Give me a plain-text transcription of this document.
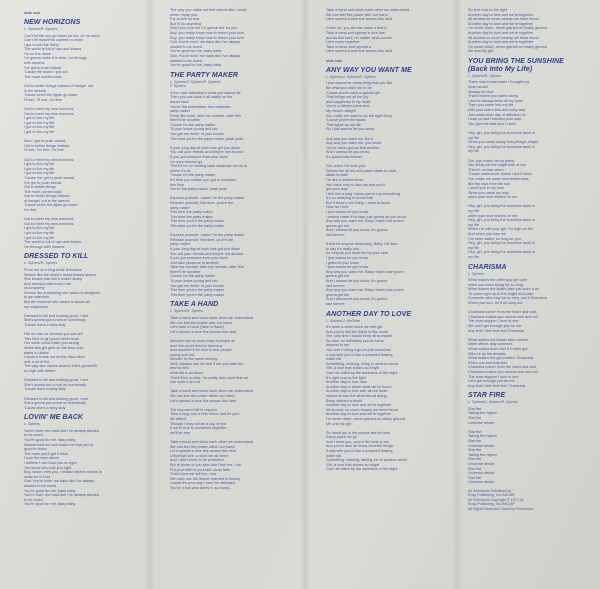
side one
NEW HORIZONS
L. Sylvers/R. Sylvers
Can't let the sun go down on me, oh no more
Can't let myself be wanted no more
I got to join the living
The world is full of ups and downs
I'm on the move
I'm gonna make it in time, I'm through
with dreams
I've got to push ahead
'Cause the doors I put out
The more comes back

Got to better things instead of hangin' out
in the streets
'Cause when the lights go down
I'll see, I'll see, I'm free

Got to meet my new horizons
Got to meet my new horizons
I got to live my life
I got to live my life
I got to live my life
I got to live my life

Now I got to push ahead
Old to better things instead
I'll see, I'm free, I'm free

Got to meet my new horizons
I got to live my life
I got to live my life
I got to live my life
'Cause I've got to push ahead
I've got to push ahead
Old to better things
The more comes back
Got to better things instead
of hangin' out in the streets
'Cause when the lights go down
I'm free

Got to meet my new horizons
Got to meet my new horizons
I got to live my life
I got to live my life
I got to live my life
The world is full of ups and downs
I'm through with dreams
DRESSED TO KILL
L. Sylvers/R. Sylvers
From out of a long white limousine
Seems like the world's finest beauty queen
She knows that she's lookin' sharp
And dressed with every trait
of a mystery
Seems like everything she wears is designed
to get attention
But the essence she wears is above all
my suspicions

Dressed to kill and looking good, I see
She's gonna put a hurt on somebody
'Cause she's a sexy lady

Her en was so obvious you can tell
This kind of girl you'd never trust
Her smile could make you wrong
When this girl gets on the floor and
starts to dance
Cause a break out on the disco floor
with a lot of fire
The way she moves around she's gonna fill
so high with desire

Dressed to kill and looking good, I see
She's gonna put a hurt on somebody
'Cause she's a sexy lady

Dressed to kill and looking good, I see
She's gonna put a hurt on somebody
'Cause she's a sexy lady
LOVIN' ME BACK
L. Sylvers
You're lovin' me back like I've always wanted
to be loved
You're good for me, baby baby
Wanna hold me and make me that you're
good to know
The more you'll get it back
I love the best above
I believe I can trust you so right
You know who told you right
Boy, since I met you, I realize what it means to
really be in love
Ooh-You're lovin' me back like I've always
wanted to be loved
You're good for me, baby baby
You're lovin' me back like I've always wanted
to be loved
You're good for me, baby baby
The way you make me feel seems like I could
never repay you
For a love so true
But I'll do anything
Don't you love me I'm gonna live for you
Boy, you really know how to return your love
Boy, you really know how to return your love
Ooh-You're lovin' me back like I've always
wanted to be loved
You're good for me, baby baby
Ooh-You're lovin' me back like I've always
wanted to be loved
You're good for me, baby baby
THE PARTY MAKER
L. Sylvers/J. Sylvers/R. Sylvers/
F. Sylvers
If the main attraction's what you wanna be
Then you can have it all easily on the
dance floor
You're the entertainer, true hardcore
party maker
Party like none, take my number, after this
there'll be another
'Cause I'm the party maker
To your leave young and old
You got me feelin' in your bones
This time you're the party maker, yeah yeah

If your long day at work has got you down
You call your friends and they're not around
If you got pressure from your lover
Let your tension go
There'll be no holding back whatever we do is
where it's at
'Cause I'm the party maker
It's time you realize you got to socialize,
this time
You're the party maker, yeah yeah

Express yourself, 'cause I'm the party maker
Release yourself, this time, you're the
party maker
This time the party maker
This time the party maker
This time you're the party maker
This time you're the party maker

Express yourself, 'cause I'm the party maker
Release yourself, this time, you're the
party maker
If your long day at work has got you down
You call your friends and they're not around
If you got pressure from your lover
Just take pleasure in another
Take my number, take my number, after this
there'll be another
'Cause I'm the party maker
To your leave young and old
You got me feelin' in your bones
This time you're the party maker
This time you're the party maker
TAKE A HAND
L. Sylvers/R. Sylvers
Take a hand and show each other we understand
We can feel the power with our hand
Let's take a hand (Take a Hand)
Let's spread a love line across this land

Wouldn't we be more easy if people all
over the world lived in harmony
And wouldn't it be nice to see people,
young and old,
donatin' to the same melody
Well, dreams can be real if we only take the
time to feel
what life is all about
There'll be no fear, I'm pretty darn sure that we
can work it on out

Take a hand and show each other we understand
We can feel the power within our hand
Let's spread a love line across this land

The key word still is respect
Take a long look in the mirror and let your
life reflect
Though I may not be a cup of tea
If we're true to ourselves together
we'll be free

Take a hand and show each other we understand
We can feel the power within our hand
Let's spread a love line across this land
Universal love, a word we all need
And I don't need to be president
But to those of you who don't feel me, I do
Put your faith in yourself, show faith
That's how we will live, now
We can't use the lesson learned in history
Cause it's your way I can't be defeated
You're a fool who dares it, so many...
Take a hand and show each other we understand
We can feel the power with our hand
Let's spread a love line across this land

Come on, you all now make a friend
Take a hand and spread a love line
across this land, no matter what comes
Let's come together
Take a hand, and spread a
Let's spread a love line across this land
side two
ANY WAY YOU WANT ME
L. Sylvers/J. Sylvers/R. Sylvers
I just wanna be every thing that you like
Be what you want me to be
'Cause you're such a special girl
That brings out all the joy
and happiness in my heart
You're a dream come true
My heart's delight
You make me want to do the right thing
'Cause you're the spark
That lights up my life
So I just wanna let you know

Any way you want me, Be it
Any way you want me, you know
You're never gonna find another
And I wanna let you know
It's gonna last forever

Girl, when I'm near you
Seems the all my will power starts to fade,
starts to fade
I'm like a melted snow
You have only to kiss me and you'll
get your way
I feel like a king 'cause you're my everything
It's so amazing to know that
But if there's one thing, I want to know
How far I feel
I just wanna let you know
I wanna make it to stay, just gonna let you know
Any way you want me, Baby, that's how you're
gonna get me
And I wanna let you know, it's gonna
last forever

If there's anyone deserving, Baby, I'm here
to say it's really you
As long as you want me by your side
I just wanna let you know
I gotta let you know
I just wanna let you know
Any way you want me, Baby, that's how you're
gonna get me
And I wanna let you know, it's gonna
last forever
Any way you want me, Baby, that's how you're
gonna get me
And I wanna let you know, it's gonna
last forever
ANOTHER DAY TO LOVE
L. Sylvers/J. McGhee
It's been a while since we met girl
And you're still the finest in this world
The only time I would keep all to myself
So nice, so intimately you're home
dearest to me
You and I rolling high on just ourselves
A day with you is like a peaceful flowing
water fall
Something, missing, living in another world
Girl, a love that shines so bright
Can't be killed by the darkness of the night
It's right now to the light
Another day to love now
Another day to share what we've found
Another day to love with all our heart
Nature knows the what lies all along
Baby, without a doubt
Another day to love and we're together
All around, so much beauty we have found
Another day to love and we're together
I'm never down, never gained on shaky ground
Me and my girl

So much joy in the people live for love
Every place we go
And I need you, you're the best to me
And you're also so many cheerful things
A day with you is like a peaceful flowing
water fall
Something, missing, talking me to another world
Girl, a love that shines so bright
Can't be killed by the darkness of the night
So let's look to the light
Another day to love and we're together
All around so much beauty we have found
Another day to love and we're together
I'm never down, never gained on shaky ground
Another day to love and we're together
All around so much beauty we have found
Another day to love and we're together
I'm never down, never gained on shaky ground
Me and my girl
YOU BRING THE SUNSHINE
(Back Into My Life)
L. Sylvers/R. Sylvers
There was a time when I thought my
heart would
Always be blue
That's before you came along
I had to always keep all my quiet
Then you came into my life
with your warm kiss and easy way
Just what other day of affection he
I was so lost I needed your way
You give me that love I need

Hey, girl, you bring the sunshine back in
my life
Since you came along everything's alright
Hey, girl, you bring the sunshine back in
my life

Girl, you make me so pretty
You bring out the bright side of me
There's no fear when
'Cause undercover lovers I don't need
You make me warm and tenderness
like the rays from the sun
I need you in my love
Since you came my way
when your love shines on me

Hey, girl, you bring the sunshine back in
my life
when your love shines on me
Hey, girl, you bring the sunshine back in
my life
When I'm with you, girl, I'm high on the
And when you kiss me
I've been waitin' so long for you
Hey, girl, you bring the sunshine back in
my life
Hey, girl, you bring the sunshine back in
my life
CHARISMA
L. Sylvers
What makes the other guy get over
when you been trying for so long
What makes the ladies take just such a lot
To come right up to the bright and plain
Someone who may be so nice, you'll Charisma
When you turn, let it all hang out

Charisma comin' from the heart and soul,
Charisma makes you wanna rock and roll
The slow stopper I love to see
We can't get enough just be me
Any time I feel that feel Charisma

What makes the leader take control
when others stay common
What makes them feel it in their gut
Stirs us by the dreams
What makes the girl excited, Charisma
When you feel that feel
Charisma comin' from the heart and soul,
Charisma makes you wanna rock and roll
The slow stopper I love to see
Let's get enough just be me
Any time I feel that feel, Charisma
STAR FIRE
L. Sylvers/J. Sylvers/R. Sylvers
Star fire
Taking the higher
Star fire
Universe desire

Star fire
Taking the higher
Star fire
Universe desire
Star fire
Taking the higher
Star fire
Universe desire
Star fire
Universe desire
Star fire
Universe desire
All Selections Published by
Rosy Publishing, Inc./ASCAP
All Selections Copyright © 1977 by
Rosy Publishing, Inc./ASCAP
All Rights Reserved. Used by Permission
